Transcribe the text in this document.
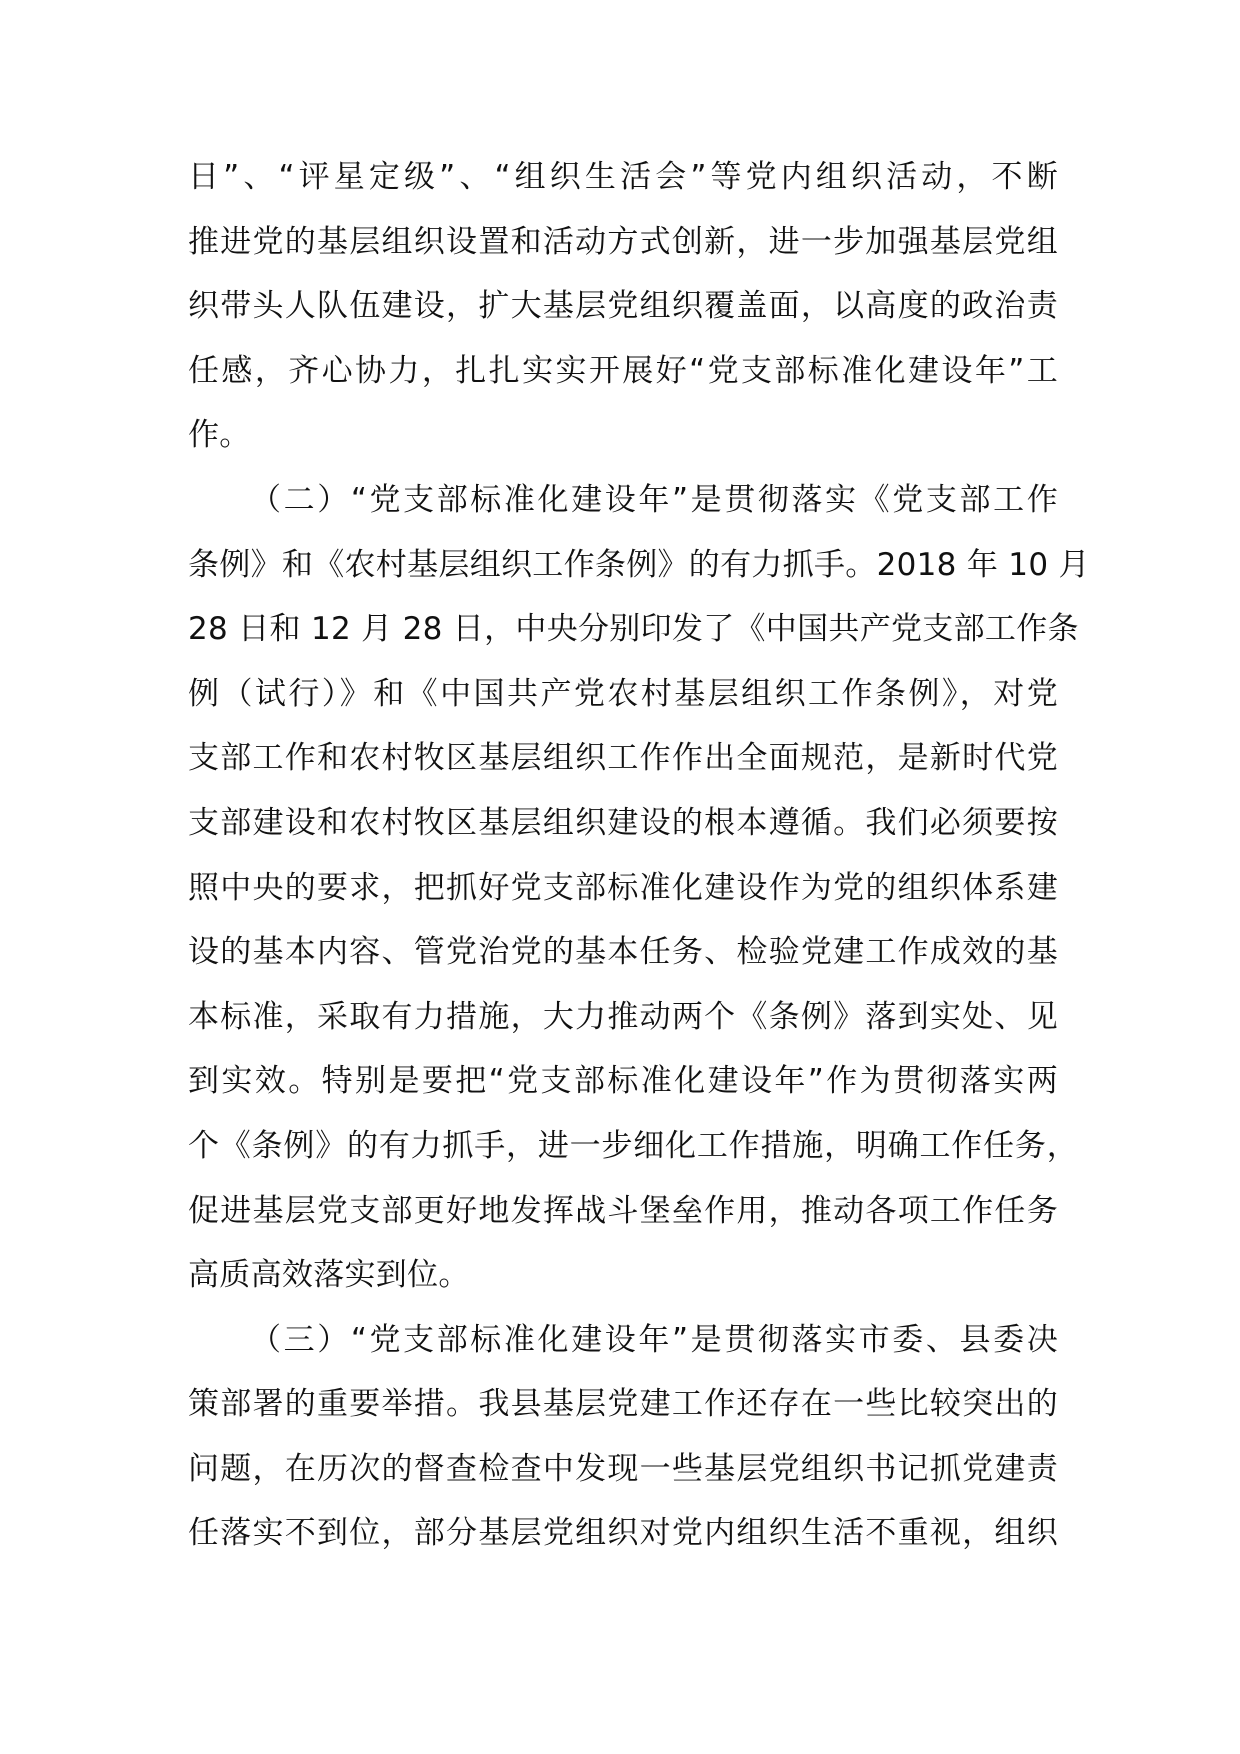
日”、“评星定级”、“组织生活会”等党内组织活动，不断
推进党的基层组织设置和活动方式创新，进一步加强基层党组
织带头人队伍建设，扩大基层党组织覆盖面，以高度的政治责
任感，齐心协力，扎扎实实开展好“党支部标准化建设年”工
作。
（二）“党支部标准化建设年”是贯彻落实《党支部工作
条例》和《农村基层组织工作条例》的有力抓手。2018 年 10 月
28 日和 12 月 28 日，中央分别印发了《中国共产党支部工作条
例（试行）》和《中国共产党农村基层组织工作条例》，对党
支部工作和农村牧区基层组织工作作出全面规范，是新时代党
支部建设和农村牧区基层组织建设的根本遵循。我们必须要按
照中央的要求，把抓好党支部标准化建设作为党的组织体系建
设的基本内容、管党治党的基本任务、检验党建工作成效的基
本标准，采取有力措施，大力推动两个《条例》落到实处、见
到实效。特别是要把“党支部标准化建设年”作为贯彻落实两
个《条例》的有力抓手，进一步细化工作措施，明确工作任务，
促进基层党支部更好地发挥战斗堡垒作用，推动各项工作任务
高质高效落实到位。
（三）“党支部标准化建设年”是贯彻落实市委、县委决
策部署的重要举措。我县基层党建工作还存在一些比较突出的
问题，在历次的督查检查中发现一些基层党组织书记抓党建责
任落实不到位，部分基层党组织对党内组织生活不重视，组织
